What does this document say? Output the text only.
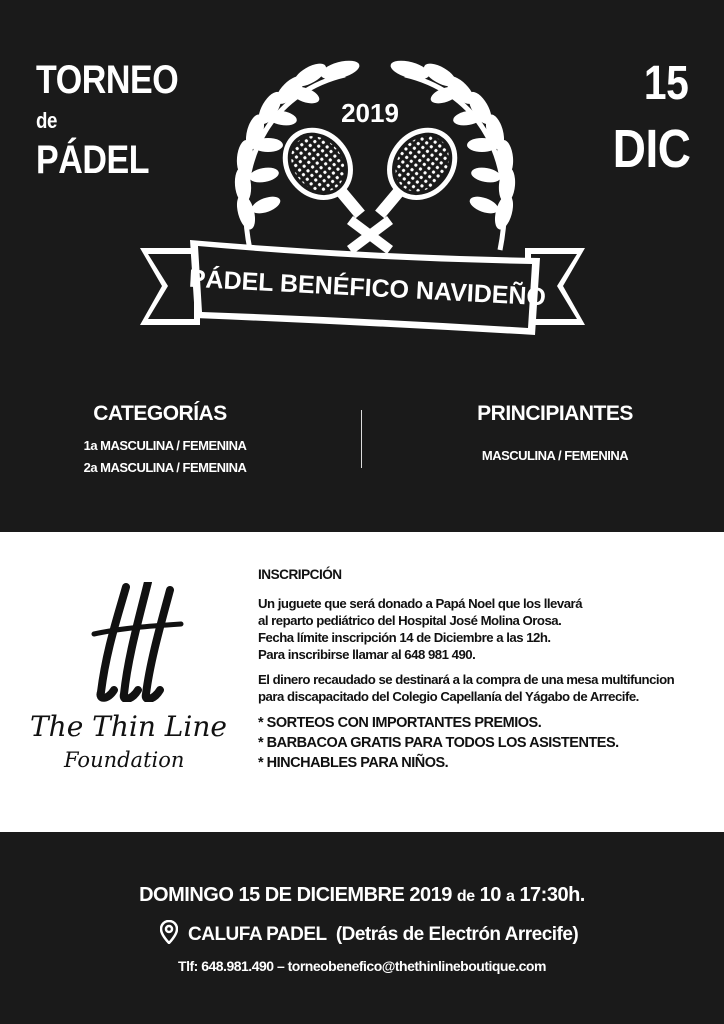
TORNEO
de
PÁDEL
15
DIC
2019
PÁDEL BENÉFICO NAVIDEÑO
CATEGORÍAS
1a MASCULINA / FEMENINA
2a MASCULINA / FEMENINA
PRINCIPIANTES
MASCULINA / FEMENINA
The Thin Line
Foundation

INSCRIPCIÓN

Un juguete que será donado a Papá Noel que los llevará
al reparto pediátrico del Hospital José Molina Orosa.
Fecha límite inscripción 14 de Diciembre a las 12h.
Para inscribirse llamar al 648 981 490.
El dinero recaudado se destinará a la compra de una mesa multifuncion
para discapacitado del Colegio Capellanía del Yágabo de Arrecife.
* SORTEOS CON IMPORTANTES PREMIOS.
* BARBACOA GRATIS PARA TODOS LOS ASISTENTES.
* HINCHABLES PARA NIÑOS.
DOMINGO 15 DE DICIEMBRE 2019 de 10 a 17:30h.
CALUFA PADEL  (Detrás de Electrón Arrecife)
Tlf: 648.981.490 – torneobenefico@thethinlineboutique.com
